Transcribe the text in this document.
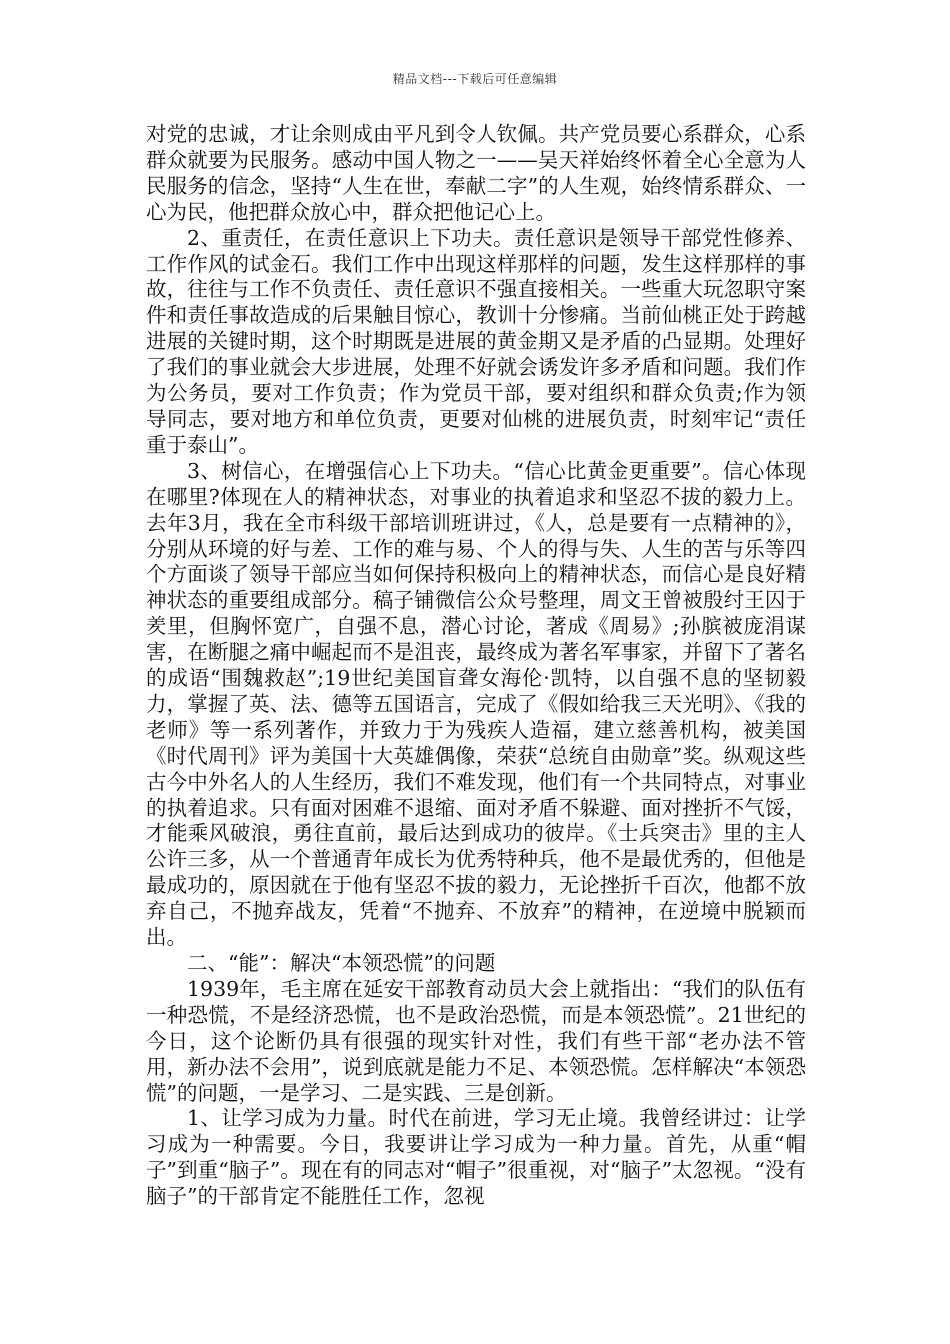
精品文档---下载后可任意编辑

对党的忠诚，才让余则成由平凡到令人钦佩。共产党员要心系群众，心系群众就要为民服务。感动中国人物之一——吴天祥始终怀着全心全意为人民服务的信念，坚持“人生在世，奉献二字”的人生观，始终情系群众、一心为民，他把群众放心中，群众把他记心上。

2、重责任，在责任意识上下功夫。责任意识是领导干部党性修养、工作作风的试金石。我们工作中出现这样那样的问题，发生这样那样的事故，往往与工作不负责任、责任意识不强直接相关。一些重大玩忽职守案件和责任事故造成的后果触目惊心，教训十分惨痛。当前仙桃正处于跨越进展的关键时期，这个时期既是进展的黄金期又是矛盾的凸显期。处理好了我们的事业就会大步进展，处理不好就会诱发许多矛盾和问题。我们作为公务员，要对工作负责；作为党员干部，要对组织和群众负责;作为领导同志，要对地方和单位负责，更要对仙桃的进展负责，时刻牢记“责任重于泰山”。

3、树信心，在增强信心上下功夫。“信心比黄金更重要”。信心体现在哪里?体现在人的精神状态，对事业的执着追求和坚忍不拔的毅力上。去年3月，我在全市科级干部培训班讲过，《人，总是要有一点精神的》，分别从环境的好与差、工作的难与易、个人的得与失、人生的苦与乐等四个方面谈了领导干部应当如何保持积极向上的精神状态，而信心是良好精神状态的重要组成部分。稿子铺微信公众号整理，周文王曾被殷纣王囚于羑里，但胸怀宽广，自强不息，潜心讨论，著成《周易》;孙膑被庞涓谋害，在断腿之痛中崛起而不是沮丧，最终成为著名军事家，并留下了著名的成语“围魏救赵”;19世纪美国盲聋女海伦·凯特，以自强不息的坚韧毅力，掌握了英、法、德等五国语言，完成了《假如给我三天光明》、《我的老师》等一系列著作，并致力于为残疾人造福，建立慈善机构，被美国《时代周刊》评为美国十大英雄偶像，荣获“总统自由勋章”奖。纵观这些古今中外名人的人生经历，我们不难发现，他们有一个共同特点，对事业的执着追求。只有面对困难不退缩、面对矛盾不躲避、面对挫折不气馁，才能乘风破浪，勇往直前，最后达到成功的彼岸。《士兵突击》里的主人公许三多，从一个普通青年成长为优秀特种兵，他不是最优秀的，但他是最成功的，原因就在于他有坚忍不拔的毅力，无论挫折千百次，他都不放弃自己，不抛弃战友，凭着“不抛弃、不放弃”的精神，在逆境中脱颖而出。

二、“能”：解决“本领恐慌”的问题

1939年，毛主席在延安干部教育动员大会上就指出：“我们的队伍有一种恐慌，不是经济恐慌，也不是政治恐慌，而是本领恐慌”。21世纪的今日，这个论断仍具有很强的现实针对性，我们有些干部“老办法不管用，新办法不会用”，说到底就是能力不足、本领恐慌。怎样解决“本领恐慌”的问题，一是学习、二是实践、三是创新。

1、让学习成为力量。时代在前进，学习无止境。我曾经讲过：让学习成为一种需要。今日，我要讲让学习成为一种力量。首先，从重“帽子”到重“脑子”。现在有的同志对“帽子”很重视，对“脑子”太忽视。“没有脑子”的干部肯定不能胜任工作，忽视
